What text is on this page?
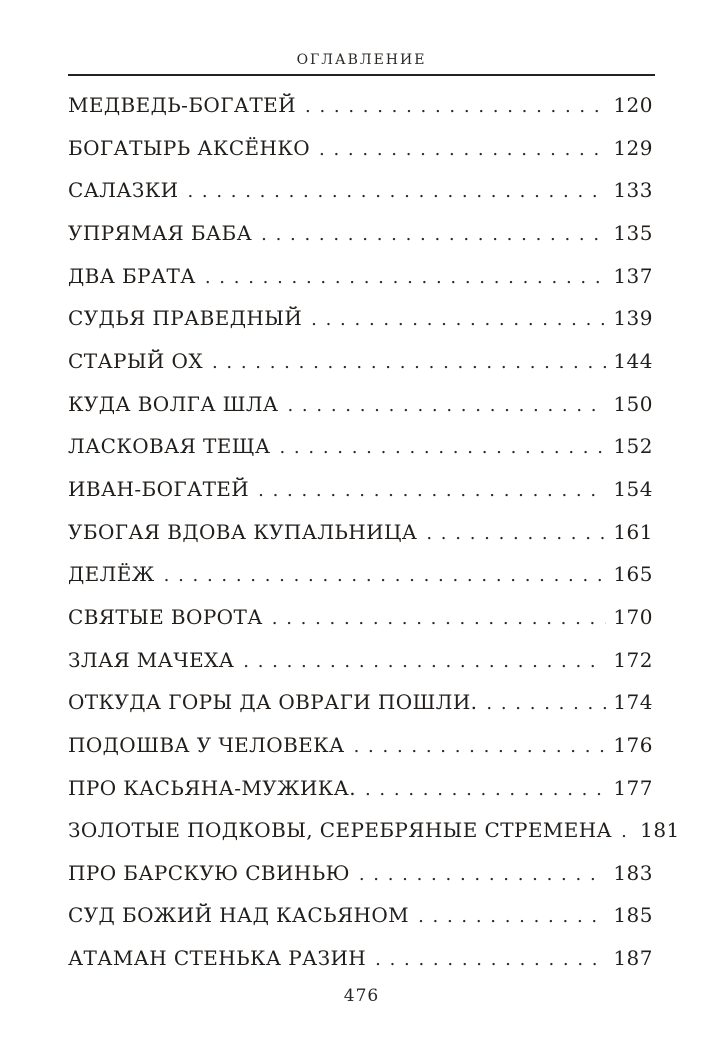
ОГЛАВЛЕНИЕ
МЕДВЕДЬ-БОГАТЕЙ . . .	120
БОГАТЫРЬ АКСЁНКО . . .	129
САЛАЗКИ . . .	133
УПРЯМАЯ БАБА . . .	135
ДВА БРАТА . . .	137
СУДЬЯ ПРАВЕДНЫЙ . . .	139
СТАРЫЙ ОХ . . .	144
КУДА ВОЛГА ШЛА . . .	150
ЛАСКОВАЯ ТЕЩА . . .	152
ИВАН-БОГАТЕЙ . . .	154
УБОГАЯ ВДОВА КУПАЛЬНИЦА . . .	161
ДЕЛЁЖ . . .	165
СВЯТЫЕ ВОРОТА . . .	170
ЗЛАЯ МАЧЕХА . . .	172
ОТКУДА ГОРЫ ДА ОВРАГИ ПОШЛИ. . . .	174
ПОДОШВА У ЧЕЛОВЕКА . . .	176
ПРО КАСЬЯНА-МУЖИКА. . . .	177
ЗОЛОТЫЕ ПОДКОВЫ, СЕРЕБРЯНЫЕ СТРЕМЕНА . . . 181
ПРО БАРСКУЮ СВИНЬЮ . . .	183
СУД БОЖИЙ НАД КАСЬЯНОМ . . .	185
АТАМАН СТЕНЬКА РАЗИН . . .	187
476
